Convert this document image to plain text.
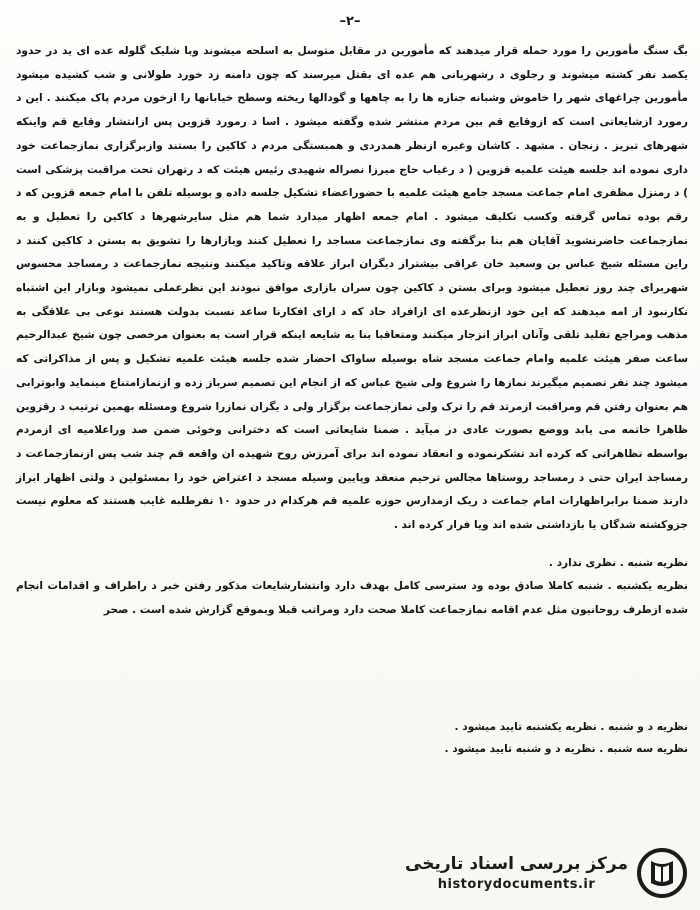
–۲–

بگ سنگ مأمورین را مورد حمله قرار میدهند که مأمورین در مقابل متوسل به اسلحه میشوند وبا شلیک گلوله عده ای ید در حدود یکصد نفر کشته میشوند و رجلوی د رشهربانی هم عده ای بقتل میرسند که چون دامنه زد خورد طولانی و شب کشیده میشود مأمورین چراغهای شهر را خاموش وشبانه جنازه ها را به چاهها و گودالها ریخته وسطح خیابانها را ازخون مردم پاک میکنند . این د رمورد ازشایعاتی است که ازوقایع قم بین مردم منتشر شده وگفته میشود . اسا د رمورد قزوین پس ازانتشار وقایع قم واینکه شهرهای تبریز . زنجان . مشهد . کاشان وغیره ازنظر همدردی و همبستگی مردم د کاکین را بستند وازبرگزاری نمازجماعت خود داری نموده اند جلسه هیئت علمیه قزوین ( د رغیاب حاج میرزا نصراله شهیدی رئیس هیئت که د رتهران تحت مراقبت پزشکی است ) د رمنزل مظفری امام جماعت مسجد جامع هیئت علمیه با حضوراعضاء تشکیل جلسه داده و بوسیله تلفن با امام جمعه قزوین که د رقم بوده تماس گرفته وکسب تکلیف میشود . امام جمعه اظهار میدارد شما هم مثل سایرشهرها د کاکین را تعطیل و به نمازجماعت حاضرنشوید آقایان هم بنا برگفته وی نمازجماعت مساجد را تعطیل کنند وبازارها را تشویق به بستن د کاکین کنند د راین مسئله شیخ عباس بن وسعید خان عراقی بیشتراز دیگران ابراز علاقه وتاکید میکنند ونتیجه نمازجماعت د رمساجد محسوس شهربرای چند روز تعطیل میشود وبرای بستن د کاکین چون سران بازاری موافق نبودند این نظرعملی نمیشود وبازار این اشتباه نکارنبود از امه میدهند که این خود ازنظرعده ای ازافراد حاد که د ارای افکارنا ساعد نسبت بدولت هستند نوعی بی علاقگی به مذهب ومراجع تقلید تلقی وآنان ابراز انزجار میکنند ومتعاقبا بنا به شایعه اینکه قرار است به بعنوان مرخصی چون شیخ عبدالرحیم ساعت صفر هیئت علمیه وامام جماعت مسجد شاه بوسیله ساواک احضار شده جلسه هیئت علمیه تشکیل و پس از مذاکراتی که میشود چند نفر تصمیم میگیرند نمازها را شروع ولی شیخ عباس که از انجام این تصمیم سرباز زده و ازنمازامتناع مینماید وابوترابی هم بعنوان رفتن قم ومراقبت ازمرتد قم را ترک ولی نمازجماعت برگزار ولی د یگران نمازرا شروع ومسئله بهمین ترتیب د رقزوین ظاهرا خاتمه می یابد ووضع بصورت عادی در میآید . ضمنا شایعاتی است که دخترانی وخوئی ضمن صد وراعلامیه ای ازمردم بواسطه تظاهراتی که کرده اند تشکرنموده و انعقاد نموده اند برای آمرزش روح شهیده ان واقعه قم چند شب پس ازنمازجماعت د رمساجد ایران حتی د رمساجد روستاها مجالس ترحیم منعقد وپایین وسیله مسجد د اعتراض خود را بمسئولین د ولتی اظهار ابراز دارند ضمنا برابراظهارات امام جماعت د ریک ازمدارس حوزه علمیه قم هرکدام در حدود ۱۰ نفرطلبه غایب هستند که معلوم نیست جزوکشته شدگان یا بازداشتی شده اند ویا فرار کرده اند .

نظریه شنبه . نظری ندارد .

نظریه یکشنبه . شنبه کاملا صادق بوده ود سترسی کامل بهدف دارد وانتشارشایعات مذکور رفتن خبر د راطراف و اقدامات انجام شده ازطرف روحانیون مثل عدم اقامه نمازجماعت کاملا صحت دارد ومراتب قبلا وبموقع گزارش شده است . صحر

نظریه د و شنبه . نظریه یکشنبه تایید میشود .

نظریه سه شنبه . نظریه د و شنبه تایید میشود .

مرکز بررسی اسناد تاریخی
historydocuments.ir
